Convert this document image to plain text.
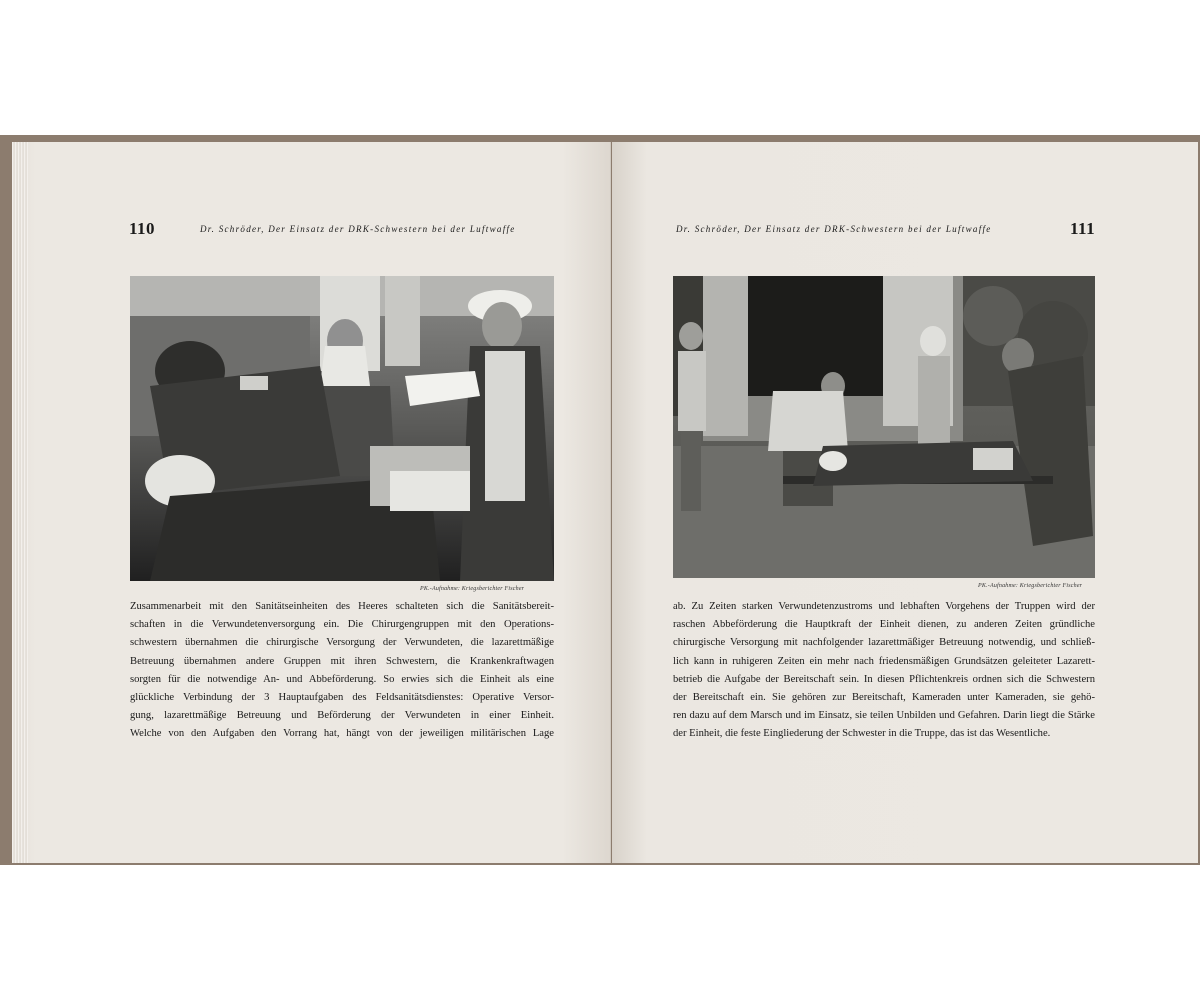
110	Dr. Schröder, Der Einsatz der DRK-Schwestern bei der Luftwaffe
PK.-Aufnahme: Kriegsberichter Fischer
Zusammenarbeit mit den Sanitätseinheiten des Heeres schalteten sich die Sanitätsbereit-
schaften in die Verwundetenversorgung ein. Die Chirurgengruppen mit den Operations-
schwestern übernahmen die chirurgische Versorgung der Verwundeten, die lazarettmäßige
Betreuung übernahmen andere Gruppen mit ihren Schwestern, die Krankenkraftwagen
sorgten für die notwendige An- und Abbeförderung. So erwies sich die Einheit als eine
glückliche Verbindung der 3 Hauptaufgaben des Feldsanitätsdienstes: Operative Versor-
gung, lazarettmäßige Betreuung und Beförderung der Verwundeten in einer Einheit.
Welche von den Aufgaben den Vorrang hat, hängt von der jeweiligen militärischen Lage
Dr. Schröder, Der Einsatz der DRK-Schwestern bei der Luftwaffe	111
PK.-Aufnahme: Kriegsberichter Fischer
ab. Zu Zeiten starken Verwundetenzustroms und lebhaften Vorgehens der Truppen wird der
raschen Abbeförderung die Hauptkraft der Einheit dienen, zu anderen Zeiten gründliche
chirurgische Versorgung mit nachfolgender lazarettmäßiger Betreuung notwendig, und schließ-
lich kann in ruhigeren Zeiten ein mehr nach friedensmäßigen Grundsätzen geleiteter Lazarett-
betrieb die Aufgabe der Bereitschaft sein. In diesen Pflichtenkreis ordnen sich die Schwestern
der Bereitschaft ein. Sie gehören zur Bereitschaft, Kameraden unter Kameraden, sie gehö-
ren dazu auf dem Marsch und im Einsatz, sie teilen Unbilden und Gefahren. Darin liegt die Stärke
der Einheit, die feste Eingliederung der Schwester in die Truppe, das ist das Wesentliche.
